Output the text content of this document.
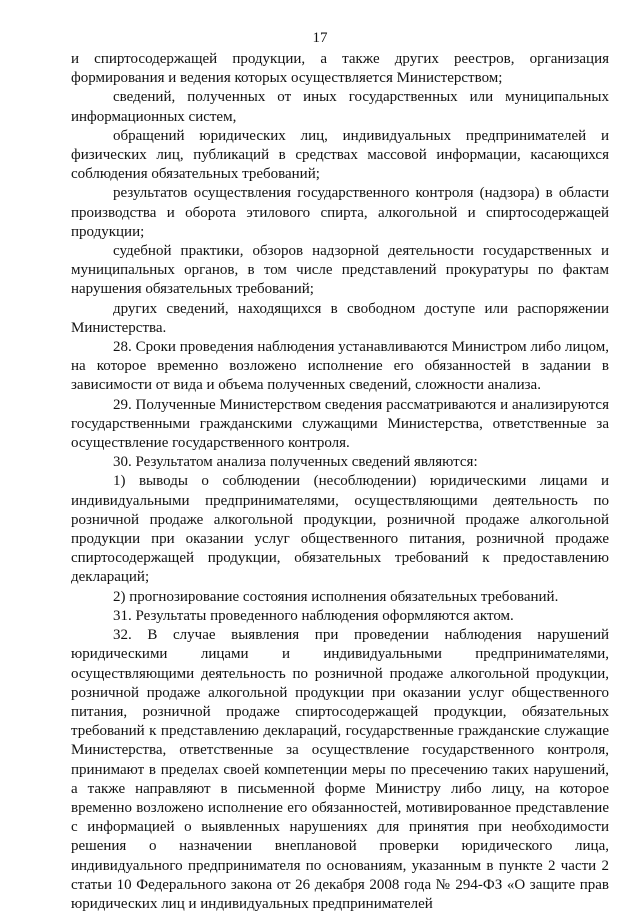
17

и спиртосодержащей продукции, а также других реестров, организация формирования и ведения которых осуществляется Министерством;

сведений, полученных от иных государственных или муниципальных информационных систем,

обращений юридических лиц, индивидуальных предпринимателей и физических лиц, публикаций в средствах массовой информации, касающихся соблюдения обязательных требований;

результатов осуществления государственного контроля (надзора) в области производства и оборота этилового спирта, алкогольной и спиртосодержащей продукции;

судебной практики, обзоров надзорной деятельности государственных и муниципальных органов, в том числе представлений прокуратуры по фактам нарушения обязательных требований;

других сведений, находящихся в свободном доступе или распоряжении Министерства.

28. Сроки проведения наблюдения устанавливаются Министром либо лицом, на которое временно возложено исполнение его обязанностей в задании в зависимости от вида и объема полученных сведений, сложности анализа.

29. Полученные Министерством сведения рассматриваются и анализируются государственными гражданскими служащими Министерства, ответственные за осуществление государственного контроля.

30. Результатом анализа полученных сведений являются:

1) выводы о соблюдении (несоблюдении) юридическими лицами и индивидуальными предпринимателями, осуществляющими деятельность по розничной продаже алкогольной продукции, розничной продаже алкогольной продукции при оказании услуг общественного питания, розничной продаже спиртосодержащей продукции, обязательных требований к предоставлению деклараций;

2) прогнозирование состояния исполнения обязательных требований.

31. Результаты проведенного наблюдения оформляются актом.

32. В случае выявления при проведении наблюдения нарушений юридическими лицами и индивидуальными предпринимателями, осуществляющими деятельность по розничной продаже алкогольной продукции, розничной продаже алкогольной продукции при оказании услуг общественного питания, розничной продаже спиртосодержащей продукции, обязательных требований к представлению деклараций, государственные гражданские служащие Министерства, ответственные за осуществление государственного контроля, принимают в пределах своей компетенции меры по пресечению таких нарушений, а также направляют в письменной форме Министру либо лицу, на которое временно возложено исполнение его обязанностей, мотивированное представление с информацией о выявленных нарушениях для принятия при необходимости решения о назначении внеплановой проверки юридического лица, индивидуального предпринимателя по основаниям, указанным в пункте 2 части 2 статьи 10 Федерального закона от 26 декабря 2008 года № 294-ФЗ «О защите прав юридических лиц и индивидуальных предпринимателей
